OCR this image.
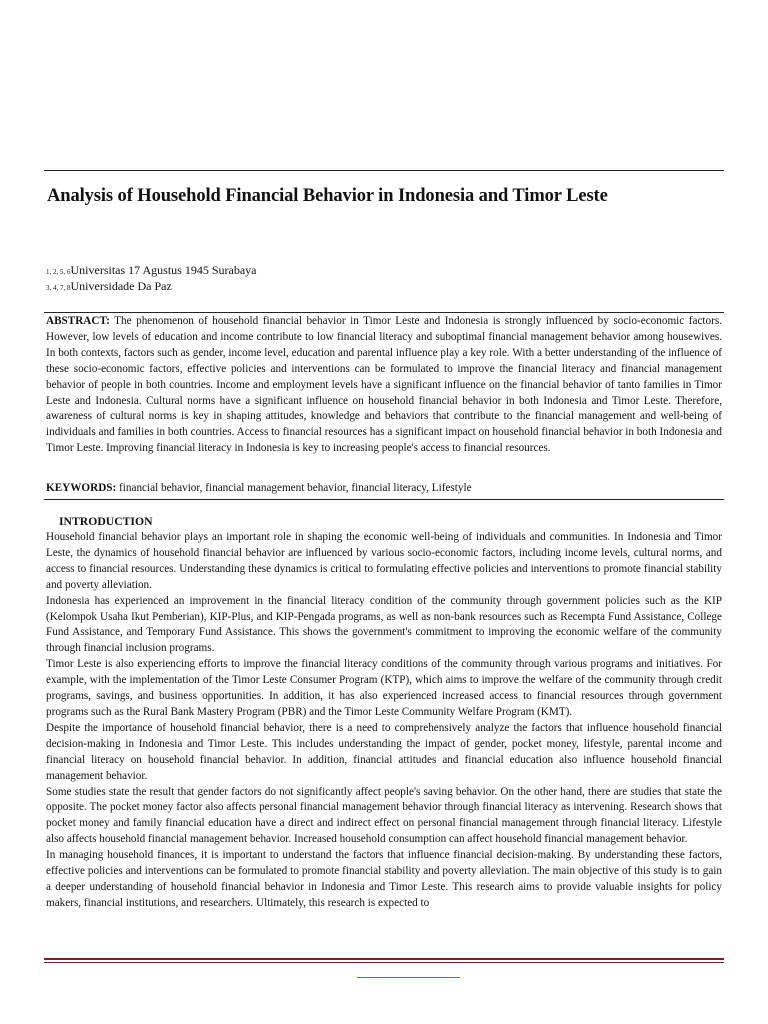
Analysis of Household Financial Behavior in Indonesia and Timor Leste
$^{1, 2, 5, 6}$Universitas 17 Agustus 1945 Surabaya
$^{3, 4, 7, 8}$Universidade Da Paz

ABSTRACT: The phenomenon of household financial behavior in Timor Leste and Indonesia is strongly influenced by socio-economic factors. However, low levels of education and income contribute to low financial literacy and suboptimal financial management behavior among housewives. In both contexts, factors such as gender, income level, education and parental influence play a key role. With a better understanding of the influence of these socio-economic factors, effective policies and interventions can be formulated to improve the financial literacy and financial management behavior of people in both countries. Income and employment levels have a significant influence on the financial behavior of tanto families in Timor Leste and Indonesia. Cultural norms have a significant influence on household financial behavior in both Indonesia and Timor Leste. Therefore, awareness of cultural norms is key in shaping attitudes, knowledge and behaviors that contribute to the financial management and well-being of individuals and families in both countries. Access to financial resources has a significant impact on household financial behavior in both Indonesia and Timor Leste. Improving financial literacy in Indonesia is key to increasing people's access to financial resources.

KEYWORDS: financial behavior, financial management behavior, financial literacy, Lifestyle

INTRODUCTION

Household financial behavior plays an important role in shaping the economic well-being of individuals and communities. In Indonesia and Timor Leste, the dynamics of household financial behavior are influenced by various socio-economic factors, including income levels, cultural norms, and access to financial resources. Understanding these dynamics is critical to formulating effective policies and interventions to promote financial stability and poverty alleviation.

Indonesia has experienced an improvement in the financial literacy condition of the community through government policies such as the KIP (Kelompok Usaha Ikut Pemberian), KIP-Plus, and KIP-Pengada programs, as well as non-bank resources such as Recempta Fund Assistance, College Fund Assistance, and Temporary Fund Assistance. This shows the government's commitment to improving the economic welfare of the community through financial inclusion programs.

Timor Leste is also experiencing efforts to improve the financial literacy conditions of the community through various programs and initiatives. For example, with the implementation of the Timor Leste Consumer Program (KTP), which aims to improve the welfare of the community through credit programs, savings, and business opportunities. In addition, it has also experienced increased access to financial resources through government programs such as the Rural Bank Mastery Program (PBR) and the Timor Leste Community Welfare Program (KMT).

Despite the importance of household financial behavior, there is a need to comprehensively analyze the factors that influence household financial decision-making in Indonesia and Timor Leste. This includes understanding the impact of gender, pocket money, lifestyle, parental income and financial literacy on household financial behavior. In addition, financial attitudes and financial education also influence household financial management behavior.

Some studies state the result that gender factors do not significantly affect people's saving behavior. On the other hand, there are studies that state the opposite. The pocket money factor also affects personal financial management behavior through financial literacy as intervening. Research shows that pocket money and family financial education have a direct and indirect effect on personal financial management through financial literacy. Lifestyle also affects household financial management behavior. Increased household consumption can affect household financial management behavior.

In managing household finances, it is important to understand the factors that influence financial decision-making. By understanding these factors, effective policies and interventions can be formulated to promote financial stability and poverty alleviation. The main objective of this study is to gain a deeper understanding of household financial behavior in Indonesia and Timor Leste. This research aims to provide valuable insights for policy makers, financial institutions, and researchers. Ultimately, this research is expected to
